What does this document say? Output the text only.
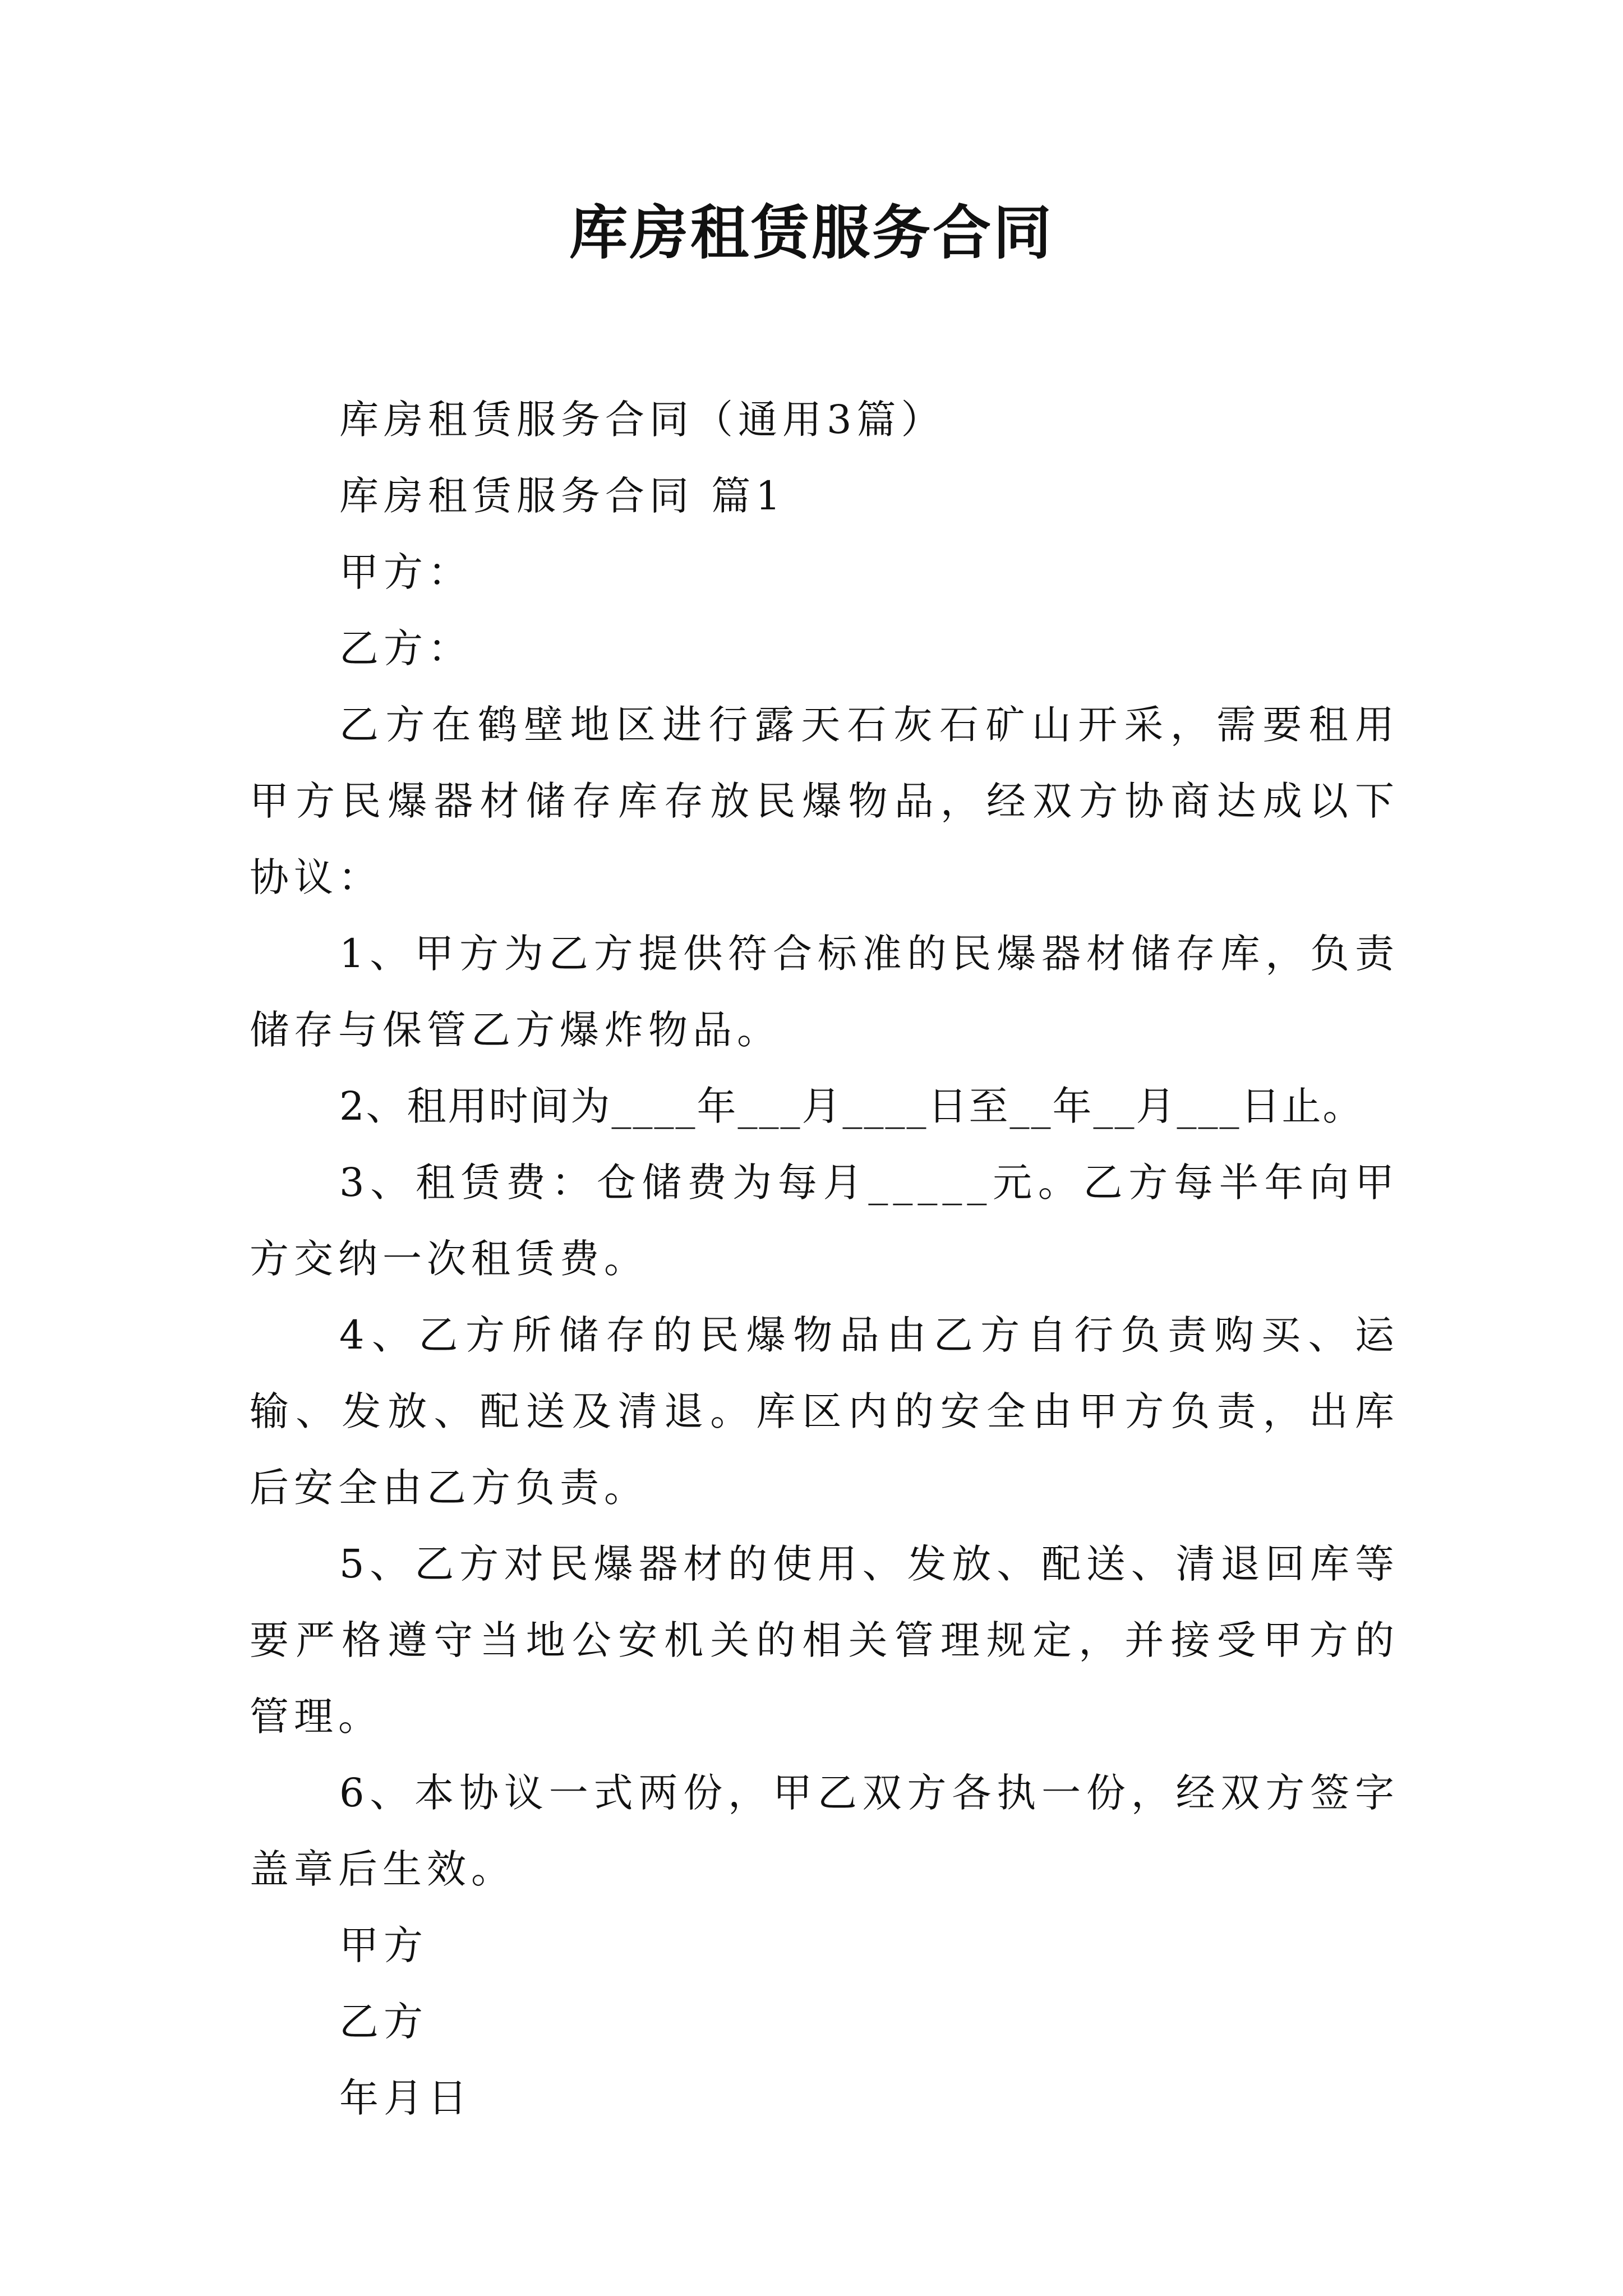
库房租赁服务合同

库房租赁服务合同（通用3篇）

库房租赁服务合同 篇1

甲方：

乙方：

乙方在鹤壁地区进行露天石灰石矿山开采，需要租用甲方民爆器材储存库存放民爆物品，经双方协商达成以下协议：

1、甲方为乙方提供符合标准的民爆器材储存库，负责储存与保管乙方爆炸物品。

2、租用时间为____年___月____日至__年__月___日止。

3、租赁费：仓储费为每月_____元。乙方每半年向甲方交纳一次租赁费。

4、乙方所储存的民爆物品由乙方自行负责购买、运输、发放、配送及清退。库区内的安全由甲方负责，出库后安全由乙方负责。

5、乙方对民爆器材的使用、发放、配送、清退回库等要严格遵守当地公安机关的相关管理规定，并接受甲方的管理。

6、本协议一式两份，甲乙双方各执一份，经双方签字盖章后生效。

甲方

乙方

年月日
